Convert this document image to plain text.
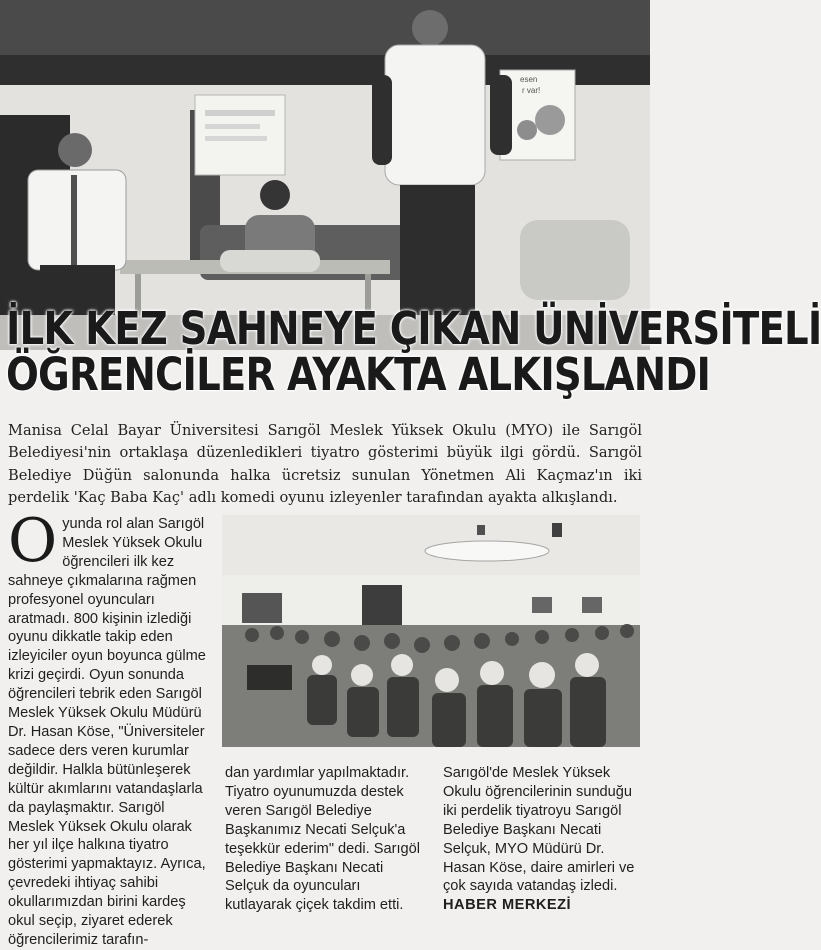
esen
r var!
İLK KEZ SAHNEYE ÇIKAN ÜNİVERSİTELİ
ÖĞRENCİLER AYAKTA ALKIŞLANDI
Manisa Celal Bayar Üniversitesi Sarıgöl Meslek Yüksek Okulu (MYO) ile Sarıgöl Belediyesi'nin ortaklaşa düzenledikleri tiyatro gösterimi büyük ilgi gördü. Sarıgöl Belediye Düğün salonunda halka ücretsiz sunulan Yönetmen Ali Kaçmaz'ın iki perdelik 'Kaç Baba Kaç' adlı komedi oyunu izleyenler tarafından ayakta alkışlandı.
O yunda rol alan Sarıgöl Meslek Yüksek Okulu öğrencileri ilk kez sahneye çıkmalarına rağmen profesyonel oyuncuları aratmadı. 800 kişinin izlediği oyunu dikkatle takip eden izleyiciler oyun boyunca gülme krizi geçirdi. Oyun sonunda öğrencileri tebrik eden Sarıgöl Meslek Yüksek Okulu Müdürü Dr. Hasan Köse, "Üniversiteler sadece ders veren kurumlar değildir. Halkla bütünleşerek kültür akımlarını vatandaşlarla da paylaşmaktır. Sarıgöl Meslek Yüksek Okulu olarak her yıl ilçe halkına tiyatro gösterimi yapmaktayız. Ayrıca, çevredeki ihtiyaç sahibi okullarımızdan birini kardeş okul seçip, ziyaret ederek öğrencilerimiz tarafın-
dan yardımlar yapılmaktadır. Tiyatro oyunumuzda destek veren Sarıgöl Belediye Başkanımız Necati Selçuk'a teşekkür ederim" dedi. Sarıgöl Belediye Başkanı Necati Selçuk da oyuncuları kutlayarak çiçek takdim etti.
Sarıgöl'de Meslek Yüksek Okulu öğrencilerinin sunduğu iki perdelik tiyatroyu Sarıgöl Belediye Başkanı Necati Selçuk, MYO Müdürü Dr. Hasan Köse, daire amirleri ve çok sayıda vatandaş izledi.
HABER MERKEZİ
